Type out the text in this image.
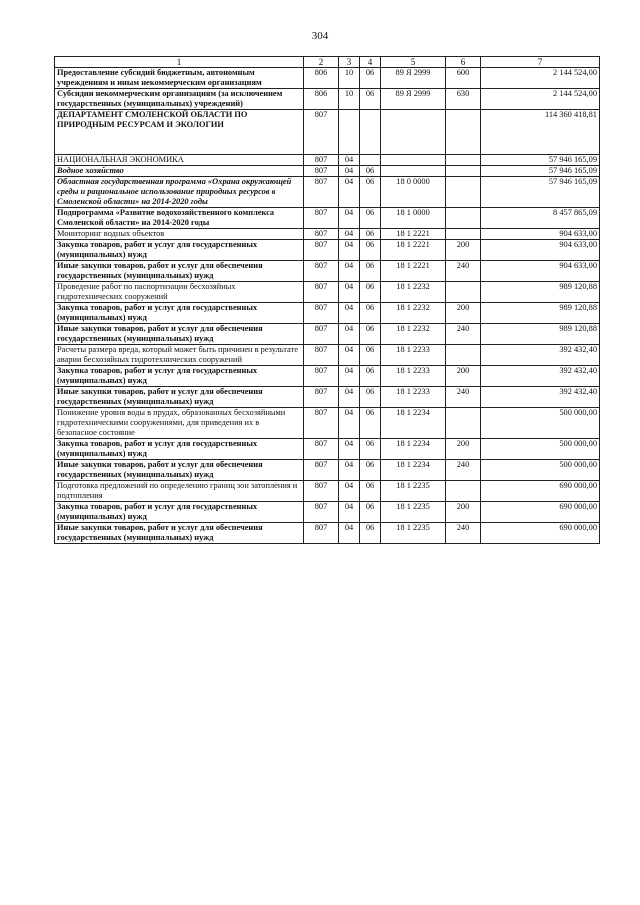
304
1	2	3	4	5	6	7
Предоставление субсидий бюджетным, автономным учреждениям и иным некоммерческим организациям	806	10	06	89 Я 2999	600	2 144 524,00
Субсидии некоммерческим организациям (за исключением государственных (муниципальных) учреждений)	806	10	06	89 Я 2999	630	2 144 524,00
ДЕПАРТАМЕНТ СМОЛЕНСКОЙ ОБЛАСТИ ПО ПРИРОДНЫМ РЕСУРСАМ И ЭКОЛОГИИ	807					114 360 418,81
НАЦИОНАЛЬНАЯ ЭКОНОМИКА	807	04				57 946 165,09
Водное хозяйство	807	04	06			57 946 165,09
Областная государственная программа «Охрана окружающей среды и рациональное использование природных ресурсов в Смоленской области» на 2014-2020 годы	807	04	06	18 0 0000		57 946 165,09
Подпрограмма «Развитие водохозяйственного комплекса Смоленской области» на 2014-2020 годы	807	04	06	18 1 0000		8 457 865,09
Мониторинг водных объектов	807	04	06	18 1 2221		904 633,00
Закупка товаров, работ и услуг для государственных (муниципальных) нужд	807	04	06	18 1 2221	200	904 633,00
Иные закупки товаров, работ и услуг для обеспечения государственных (муниципальных) нужд	807	04	06	18 1 2221	240	904 633,00
Проведение работ по паспортизации бесхозяйных гидротехнических сооружений	807	04	06	18 1 2232		989 120,88
Закупка товаров, работ и услуг для государственных (муниципальных) нужд	807	04	06	18 1 2232	200	989 120,88
Иные закупки товаров, работ и услуг для обеспечения государственных (муниципальных) нужд	807	04	06	18 1 2232	240	989 120,88
Расчеты размера вреда, который может быть причинен в результате аварии бесхозяйных гидротехнических сооружений	807	04	06	18 1 2233		392 432,40
Закупка товаров, работ и услуг для государственных (муниципальных) нужд	807	04	06	18 1 2233	200	392 432,40
Иные закупки товаров, работ и услуг для обеспечения государственных (муниципальных) нужд	807	04	06	18 1 2233	240	392 432,40
Понижение уровня воды в прудах, образованных бесхозяйными гидротехническими сооружениями, для приведения их в безопасное состояние	807	04	06	18 1 2234		500 000,00
Закупка товаров, работ и услуг для государственных (муниципальных) нужд	807	04	06	18 1 2234	200	500 000,00
Иные закупки товаров, работ и услуг для обеспечения государственных (муниципальных) нужд	807	04	06	18 1 2234	240	500 000,00
Подготовка предложений по определению границ зон затопления и подтопления	807	04	06	18 1 2235		690 000,00
Закупка товаров, работ и услуг для государственных (муниципальных) нужд	807	04	06	18 1 2235	200	690 000,00
Иные закупки товаров, работ и услуг для обеспечения государственных (муниципальных) нужд	807	04	06	18 1 2235	240	690 000,00
